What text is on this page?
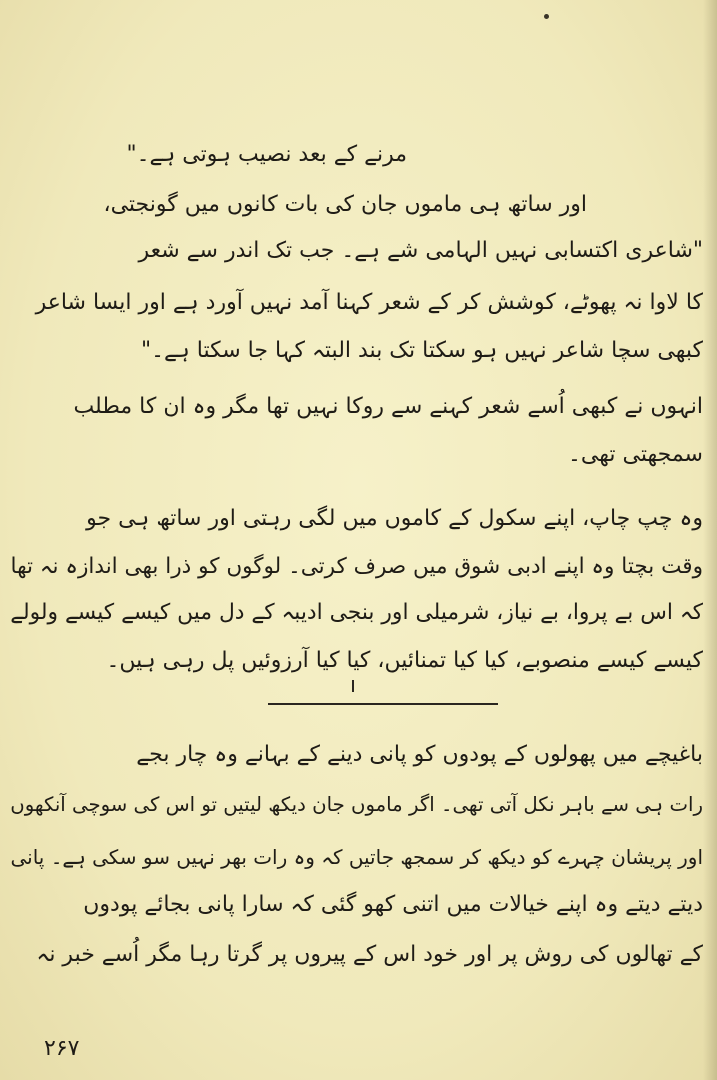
مرنے کے بعد نصیب ہوتی ہے۔"
اور ساتھ ہی ماموں جان کی بات کانوں میں گونجتی،
"شاعری اکتسابی نہیں الہامی شے ہے۔ جب تک اندر سے شعر
کا لاوا نہ پھوٹے، کوشش کر کے شعر کہنا آمد نہیں آورد ہے اور ایسا شاعر
کبھی سچا شاعر نہیں ہو سکتا تک بند البتہ کہا جا سکتا ہے۔"
انہوں نے کبھی اُسے شعر کہنے سے روکا نہیں تھا مگر وہ ان کا مطلب
سمجھتی تھی۔
وہ چپ چاپ، اپنے سکول کے کاموں میں لگی رہتی اور ساتھ ہی جو
وقت بچتا وہ اپنے ادبی شوق میں صرف کرتی۔ لوگوں کو ذرا بھی اندازہ نہ تھا
کہ اس بے پروا، بے نیاز، شرمیلی اور بنجی ادیبہ کے دل میں کیسے کیسے ولولے
کیسے کیسے منصوبے، کیا کیا تمنائیں، کیا کیا آرزوئیں پل رہی ہیں۔
باغیچے میں پھولوں کے پودوں کو پانی دینے کے بہانے وہ چار بجے
رات ہی سے باہر نکل آتی تھی۔ اگر ماموں جان دیکھ لیتیں تو اس کی سوچی آنکھوں
اور پریشان چہرے کو دیکھ کر سمجھ جاتیں کہ وہ رات بھر نہیں سو سکی ہے۔ پانی
دیتے دیتے وہ اپنے خیالات میں اتنی کھو گئی کہ سارا پانی بجائے پودوں
کے تھالوں کی روش پر اور خود اس کے پیروں پر گرتا رہا مگر اُسے خبر نہ
۲۶۷
